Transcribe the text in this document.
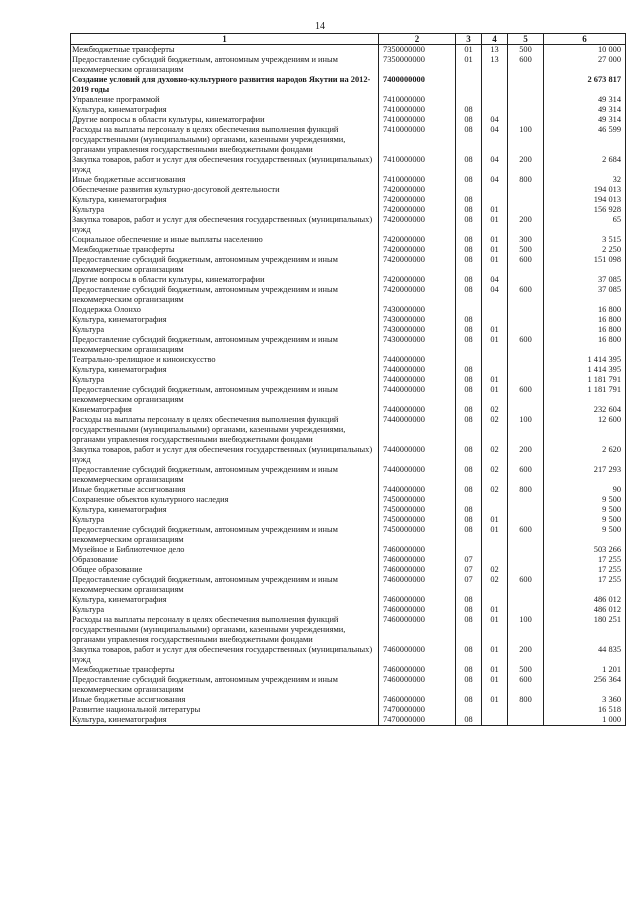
14
1	2	3	4	5	6
Межбюджетные трансферты	7350000000	01	13	500	10 000
Предоставление субсидий бюджетным, автономным учреждениям и иным некоммерческим организациям	7350000000	01	13	600	27 000
Создание условий для духовно-культурного развития народов Якутии на 2012-2019 годы	7400000000				2 673 817
Управление программой	7410000000				49 314
Культура, кинематография	7410000000	08			49 314
Другие вопросы в области культуры, кинематографии	7410000000	08	04		49 314
Расходы на выплаты персоналу в целях обеспечения выполнения функций государственными (муниципальными) органами, казенными учреждениями, органами управления государственными внебюджетными фондами	7410000000	08	04	100	46 599
Закупка товаров, работ и услуг для обеспечения государственных (муниципальных) нужд	7410000000	08	04	200	2 684
Иные бюджетные ассигнования	7410000000	08	04	800	32
Обеспечение развития культурно-досуговой деятельности	7420000000				194 013
Культура, кинематография	7420000000	08			194 013
Культура	7420000000	08	01		156 928
Закупка товаров, работ и услуг для обеспечения государственных (муниципальных) нужд	7420000000	08	01	200	65
Социальное обеспечение и иные выплаты населению	7420000000	08	01	300	3 515
Межбюджетные трансферты	7420000000	08	01	500	2 250
Предоставление субсидий бюджетным, автономным учреждениям и иным некоммерческим организациям	7420000000	08	01	600	151 098
Другие вопросы в области культуры, кинематографии	7420000000	08	04		37 085
Предоставление субсидий бюджетным, автономным учреждениям и иным некоммерческим организациям	7420000000	08	04	600	37 085
Поддержка Олонхо	7430000000				16 800
Культура, кинематография	7430000000	08			16 800
Культура	7430000000	08	01		16 800
Предоставление субсидий бюджетным, автономным учреждениям и иным некоммерческим организациям	7430000000	08	01	600	16 800
Театрально-зрелищное и киноискусство	7440000000				1 414 395
Культура, кинематография	7440000000	08			1 414 395
Культура	7440000000	08	01		1 181 791
Предоставление субсидий бюджетным, автономным учреждениям и иным некоммерческим организациям	7440000000	08	01	600	1 181 791
Кинематография	7440000000	08	02		232 604
Расходы на выплаты персоналу в целях обеспечения выполнения функций государственными (муниципальными) органами, казенными учреждениями, органами управления государственными внебюджетными фондами	7440000000	08	02	100	12 600
Закупка товаров, работ и услуг для обеспечения государственных (муниципальных) нужд	7440000000	08	02	200	2 620
Предоставление субсидий бюджетным, автономным учреждениям и иным некоммерческим организациям	7440000000	08	02	600	217 293
Иные бюджетные ассигнования	7440000000	08	02	800	90
Сохранение объектов культурного наследия	7450000000				9 500
Культура, кинематография	7450000000	08			9 500
Культура	7450000000	08	01		9 500
Предоставление субсидий бюджетным, автономным учреждениям и иным некоммерческим организациям	7450000000	08	01	600	9 500
Музейное и Библиотечное дело	7460000000				503 266
Образование	7460000000	07			17 255
Общее образование	7460000000	07	02		17 255
Предоставление субсидий бюджетным, автономным учреждениям и иным некоммерческим организациям	7460000000	07	02	600	17 255
Культура, кинематография	7460000000	08			486 012
Культура	7460000000	08	01		486 012
Расходы на выплаты персоналу в целях обеспечения выполнения функций государственными (муниципальными) органами, казенными учреждениями, органами управления государственными внебюджетными фондами	7460000000	08	01	100	180 251
Закупка товаров, работ и услуг для обеспечения государственных (муниципальных) нужд	7460000000	08	01	200	44 835
Межбюджетные трансферты	7460000000	08	01	500	1 201
Предоставление субсидий бюджетным, автономным учреждениям и иным некоммерческим организациям	7460000000	08	01	600	256 364
Иные бюджетные ассигнования	7460000000	08	01	800	3 360
Развитие национальной литературы	7470000000				16 518
Культура, кинематография	7470000000	08			1 000
